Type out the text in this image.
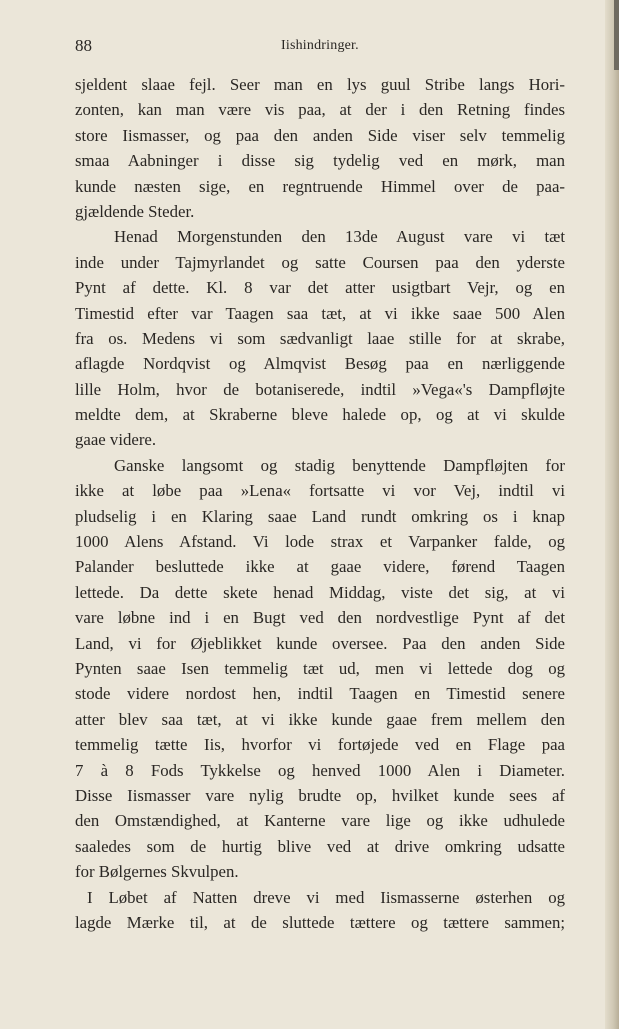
88	Iishindringer.
sjeldent slaae fejl. Seer man en lys guul Stribe langs Hori-
zonten, kan man være vis paa, at der i den Retning findes
store Iismasser, og paa den anden Side viser selv temmelig
smaa Aabninger i disse sig tydelig ved en mørk, man
kunde næsten sige, en regntruende Himmel over de paa-
gjældende Steder.
Henad Morgenstunden den 13de August vare vi tæt
inde under Tajmyrlandet og satte Coursen paa den yderste
Pynt af dette. Kl. 8 var det atter usigtbart Vejr, og en
Timestid efter var Taagen saa tæt, at vi ikke saae 500 Alen
fra os. Medens vi som sædvanligt laae stille for at skrabe,
aflagde Nordqvist og Almqvist Besøg paa en nærliggende
lille Holm, hvor de botaniserede, indtil »Vega«'s Dampfløjte
meldte dem, at Skraberne bleve halede op, og at vi skulde
gaae videre.
Ganske langsomt og stadig benyttende Dampfløjten for
ikke at løbe paa »Lena« fortsatte vi vor Vej, indtil vi
pludselig i en Klaring saae Land rundt omkring os i knap
1000 Alens Afstand. Vi lode strax et Varpanker falde, og
Palander besluttede ikke at gaae videre, førend Taagen
lettede. Da dette skete henad Middag, viste det sig, at vi
vare løbne ind i en Bugt ved den nordvestlige Pynt af det
Land, vi for Øjeblikket kunde oversee. Paa den anden Side
Pynten saae Isen temmelig tæt ud, men vi lettede dog og
stode videre nordost hen, indtil Taagen en Timestid senere
atter blev saa tæt, at vi ikke kunde gaae frem mellem den
temmelig tætte Iis, hvorfor vi fortøjede ved en Flage paa
7 à 8 Fods Tykkelse og henved 1000 Alen i Diameter.
Disse Iismasser vare nylig brudte op, hvilket kunde sees af
den Omstændighed, at Kanterne vare lige og ikke udhulede
saaledes som de hurtig blive ved at drive omkring udsatte
for Bølgernes Skvulpen.
I Løbet af Natten dreve vi med Iismasserne østerhen og
lagde Mærke til, at de sluttede tættere og tættere sammen;
